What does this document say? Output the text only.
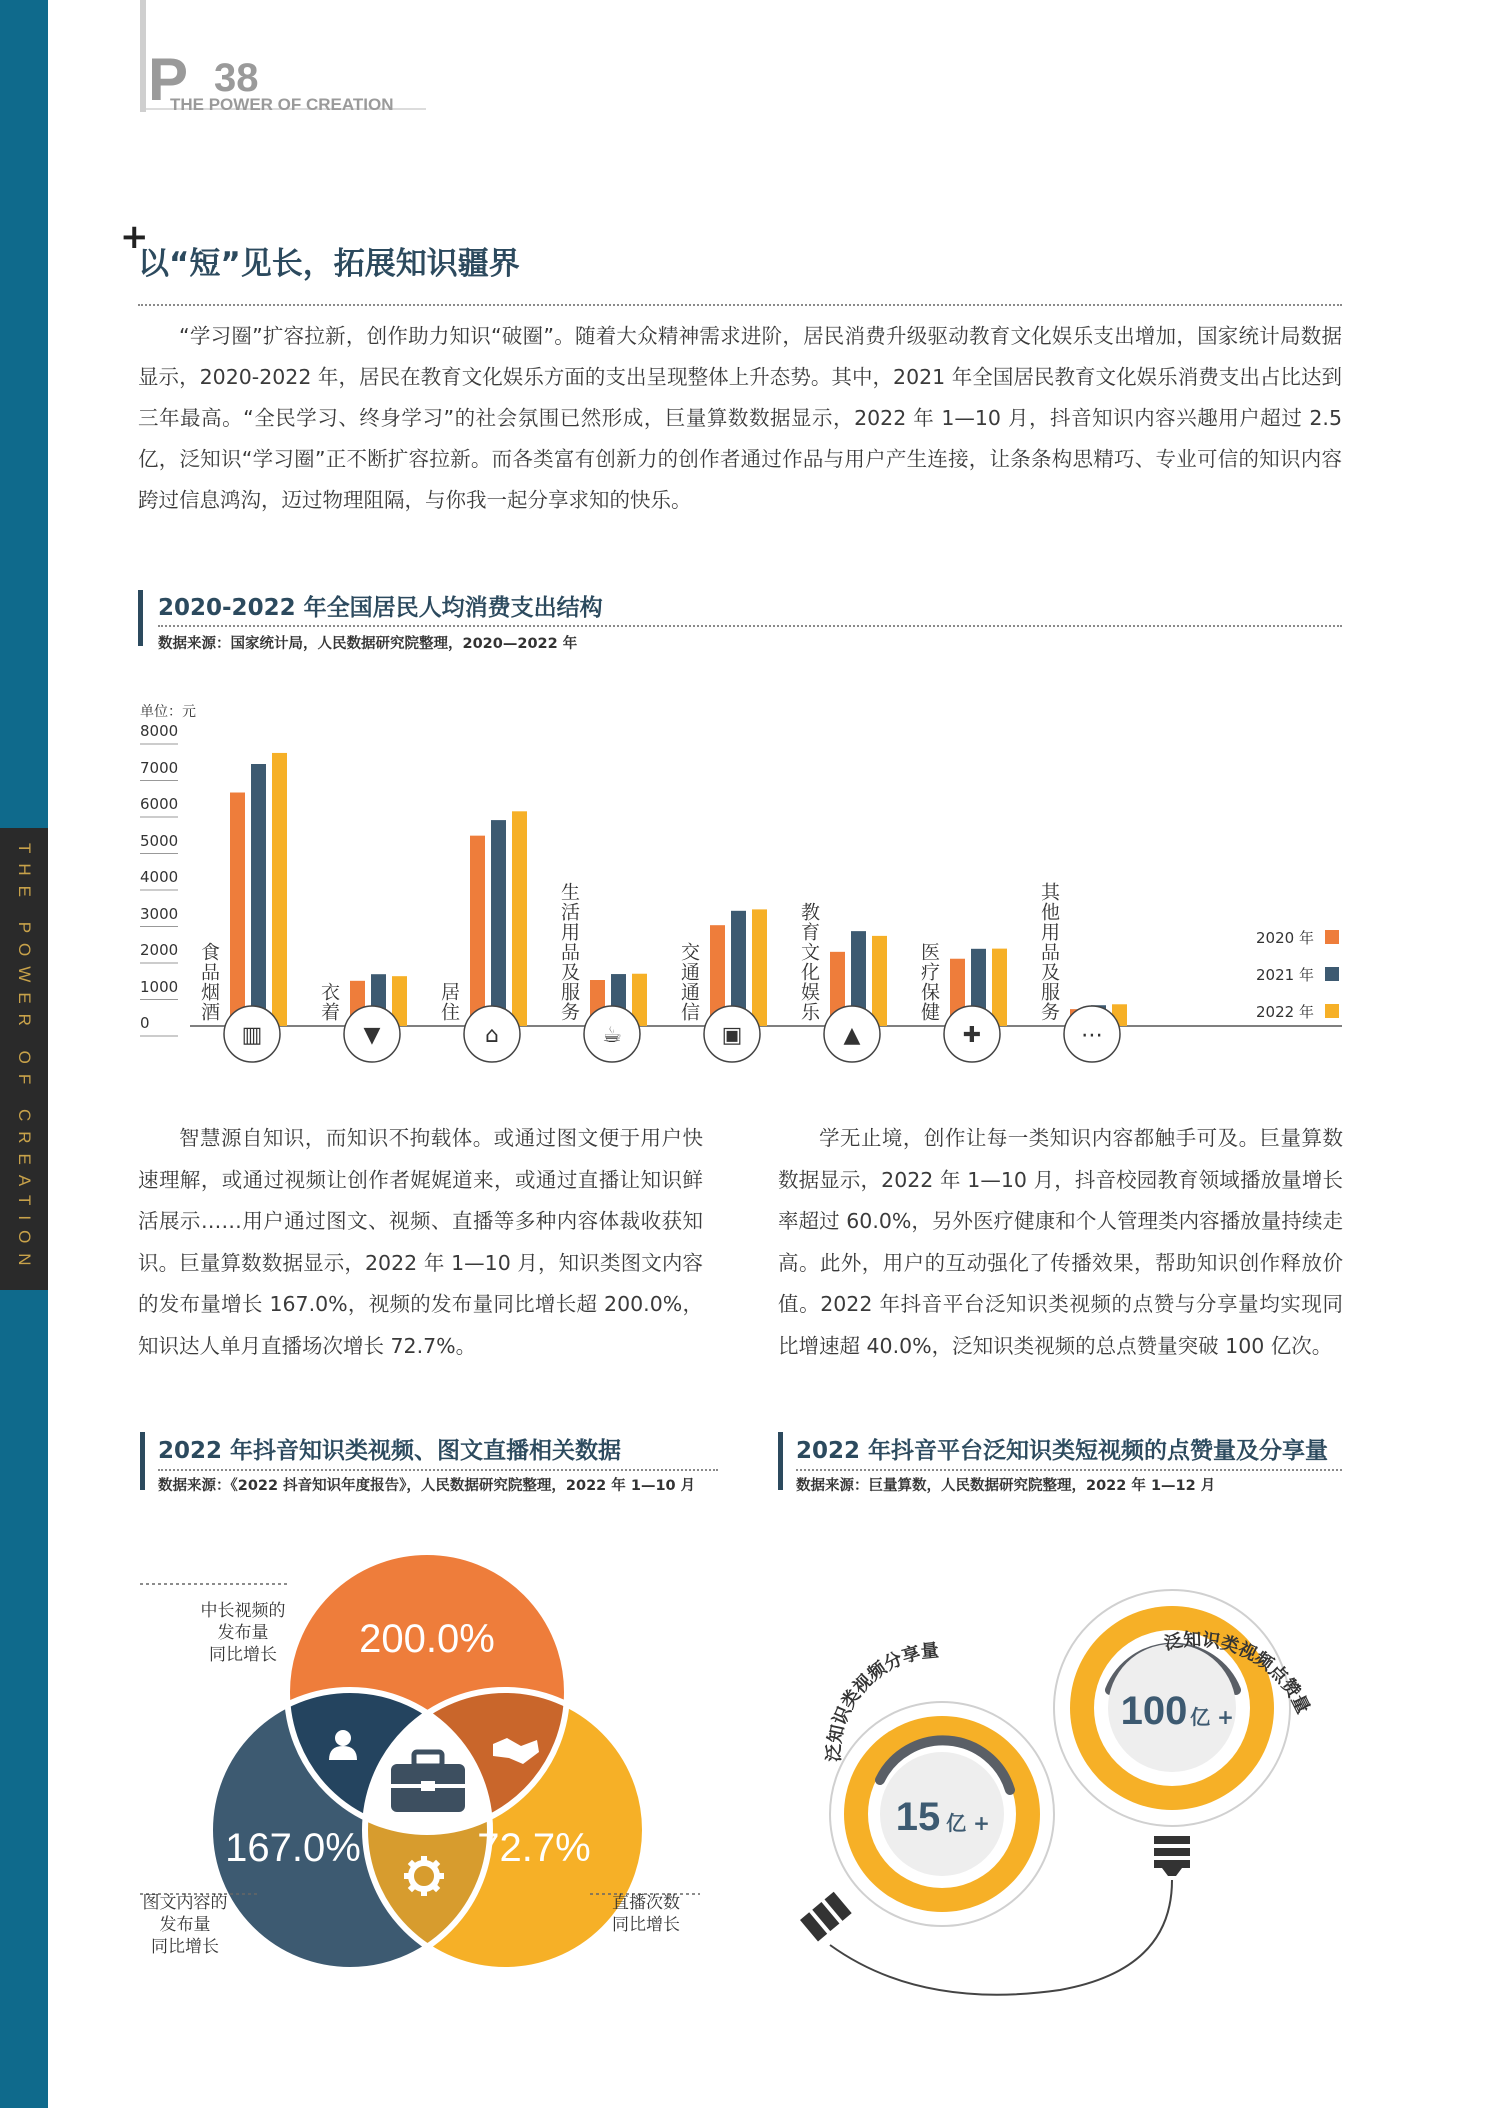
THE POWER OF CREATION
P 38
THE POWER OF CREATION
+
以“短”见长，拓展知识疆界
“学习圈”扩容拉新，创作助力知识“破圈”。随着大众精神需求进阶，居民消费升级驱动教育文化娱乐支出增加，国家统计局数据显示，2020-2022 年，居民在教育文化娱乐方面的支出呈现整体上升态势。其中，2021 年全国居民教育文化娱乐消费支出占比达到三年最高。“全民学习、终身学习”的社会氛围已然形成，巨量算数数据显示，2022 年 1—10 月，抖音知识内容兴趣用户超过 2.5 亿，泛知识“学习圈”正不断扩容拉新。而各类富有创新力的创作者通过作品与用户产生连接，让条条构思精巧、专业可信的知识内容跨过信息鸿沟，迈过物理阻隔，与你我一起分享求知的快乐。
2020-2022 年全国居民人均消费支出结构
数据来源：国家统计局，人民数据研究院整理，2020—2022 年
单位：元
▥	▼	⌂	☕	▣	▲	✚	⋯
食品烟酒	衣着	居住	生活用品及服务	交通通信	教育文化娱乐	医疗保健	其他用品及服务
8000
7000
6000
5000
4000
3000
2000
1000
0
2020 年
2021 年
2022 年
智慧源自知识，而知识不拘载体。或通过图文便于用户快速理解，或通过视频让创作者娓娓道来，或通过直播让知识鲜活展示……用户通过图文、视频、直播等多种内容体裁收获知识。巨量算数数据显示，2022 年 1—10 月，知识类图文内容的发布量增长 167.0%，视频的发布量同比增长超 200.0%，知识达人单月直播场次增长 72.7%。
学无止境，创作让每一类知识内容都触手可及。巨量算数数据显示，2022 年 1—10 月，抖音校园教育领域播放量增长率超过 60.0%，另外医疗健康和个人管理类内容播放量持续走高。此外，用户的互动强化了传播效果，帮助知识创作释放价值。2022 年抖音平台泛知识类视频的点赞与分享量均实现同比增速超 40.0%，泛知识类视频的总点赞量突破 100 亿次。
2022 年抖音知识类视频、图文直播相关数据
数据来源：《2022 抖音知识年度报告》，人民数据研究院整理，2022 年 1—10 月
2022 年抖音平台泛知识类短视频的点赞量及分享量
数据来源：巨量算数，人民数据研究院整理，2022 年 1—12 月
200.0%
167.0%	72.7%
中长视频的
发布量
同比增长
图文内容的
发布量
同比增长
直播次数
同比增长
泛知识类视频分享量
15 亿 +
泛知识类视频点赞量
100 亿 +
